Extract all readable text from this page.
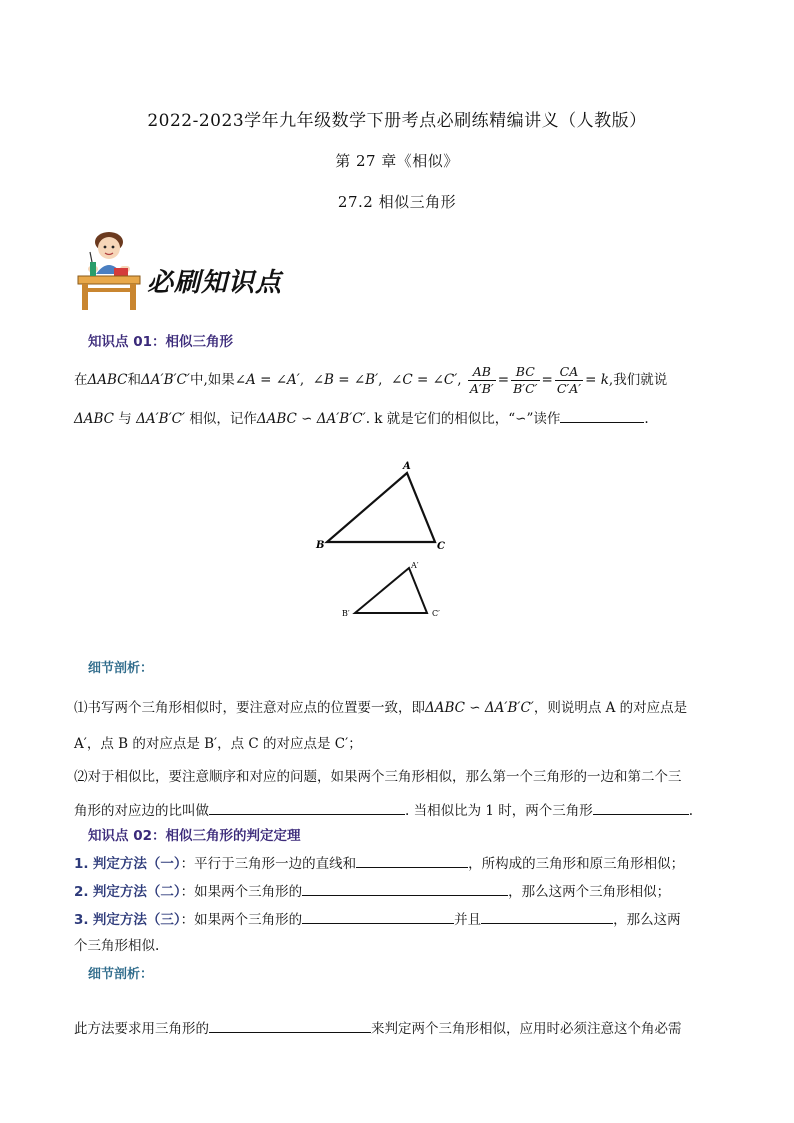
2022-2023学年九年级数学下册考点必刷练精编讲义（人教版）
第 27 章《相似》
27.2 相似三角形
必刷知识点
知识点 01：相似三角形
在 ΔABC 和 ΔA′B′C′ 中,如果 ∠A = ∠A′ , ∠B = ∠B′ , ∠C = ∠C′ , $\frac{AB}{A'B'} = \frac{BC}{B'C'} = \frac{CA}{C'A'} = k$ ,我们就说
ΔABC 与 ΔA′B′C′ 相似，记作ΔABC ∽ ΔA′B′C′. k 就是它们的相似比，“∽”读作	.
A
B	C
A′
B′	C′
细节剖析：
⑴书写两个三角形相似时，要注意对应点的位置要一致，即ΔABC ∽ ΔA′B′C′，则说明点 A 的对应点是
A′，点 B 的对应点是 B′，点 C 的对应点是 C′；
⑵对于相似比，要注意顺序和对应的问题，如果两个三角形相似，那么第一个三角形的一边和第二个三
角形的对应边的比叫做	. 当相似比为 1 时，两个三角形	.
知识点 02：相似三角形的判定定理
1. 判定方法（一）：平行于三角形一边的直线和	，所构成的三角形和原三角形相似；
2. 判定方法（二）：如果两个三角形的	，那么这两个三角形相似；
3. 判定方法（三）：如果两个三角形的	并且	，那么这两
个三角形相似.
细节剖析：
此方法要求用三角形的	来判定两个三角形相似，应用时必须注意这个角必需
